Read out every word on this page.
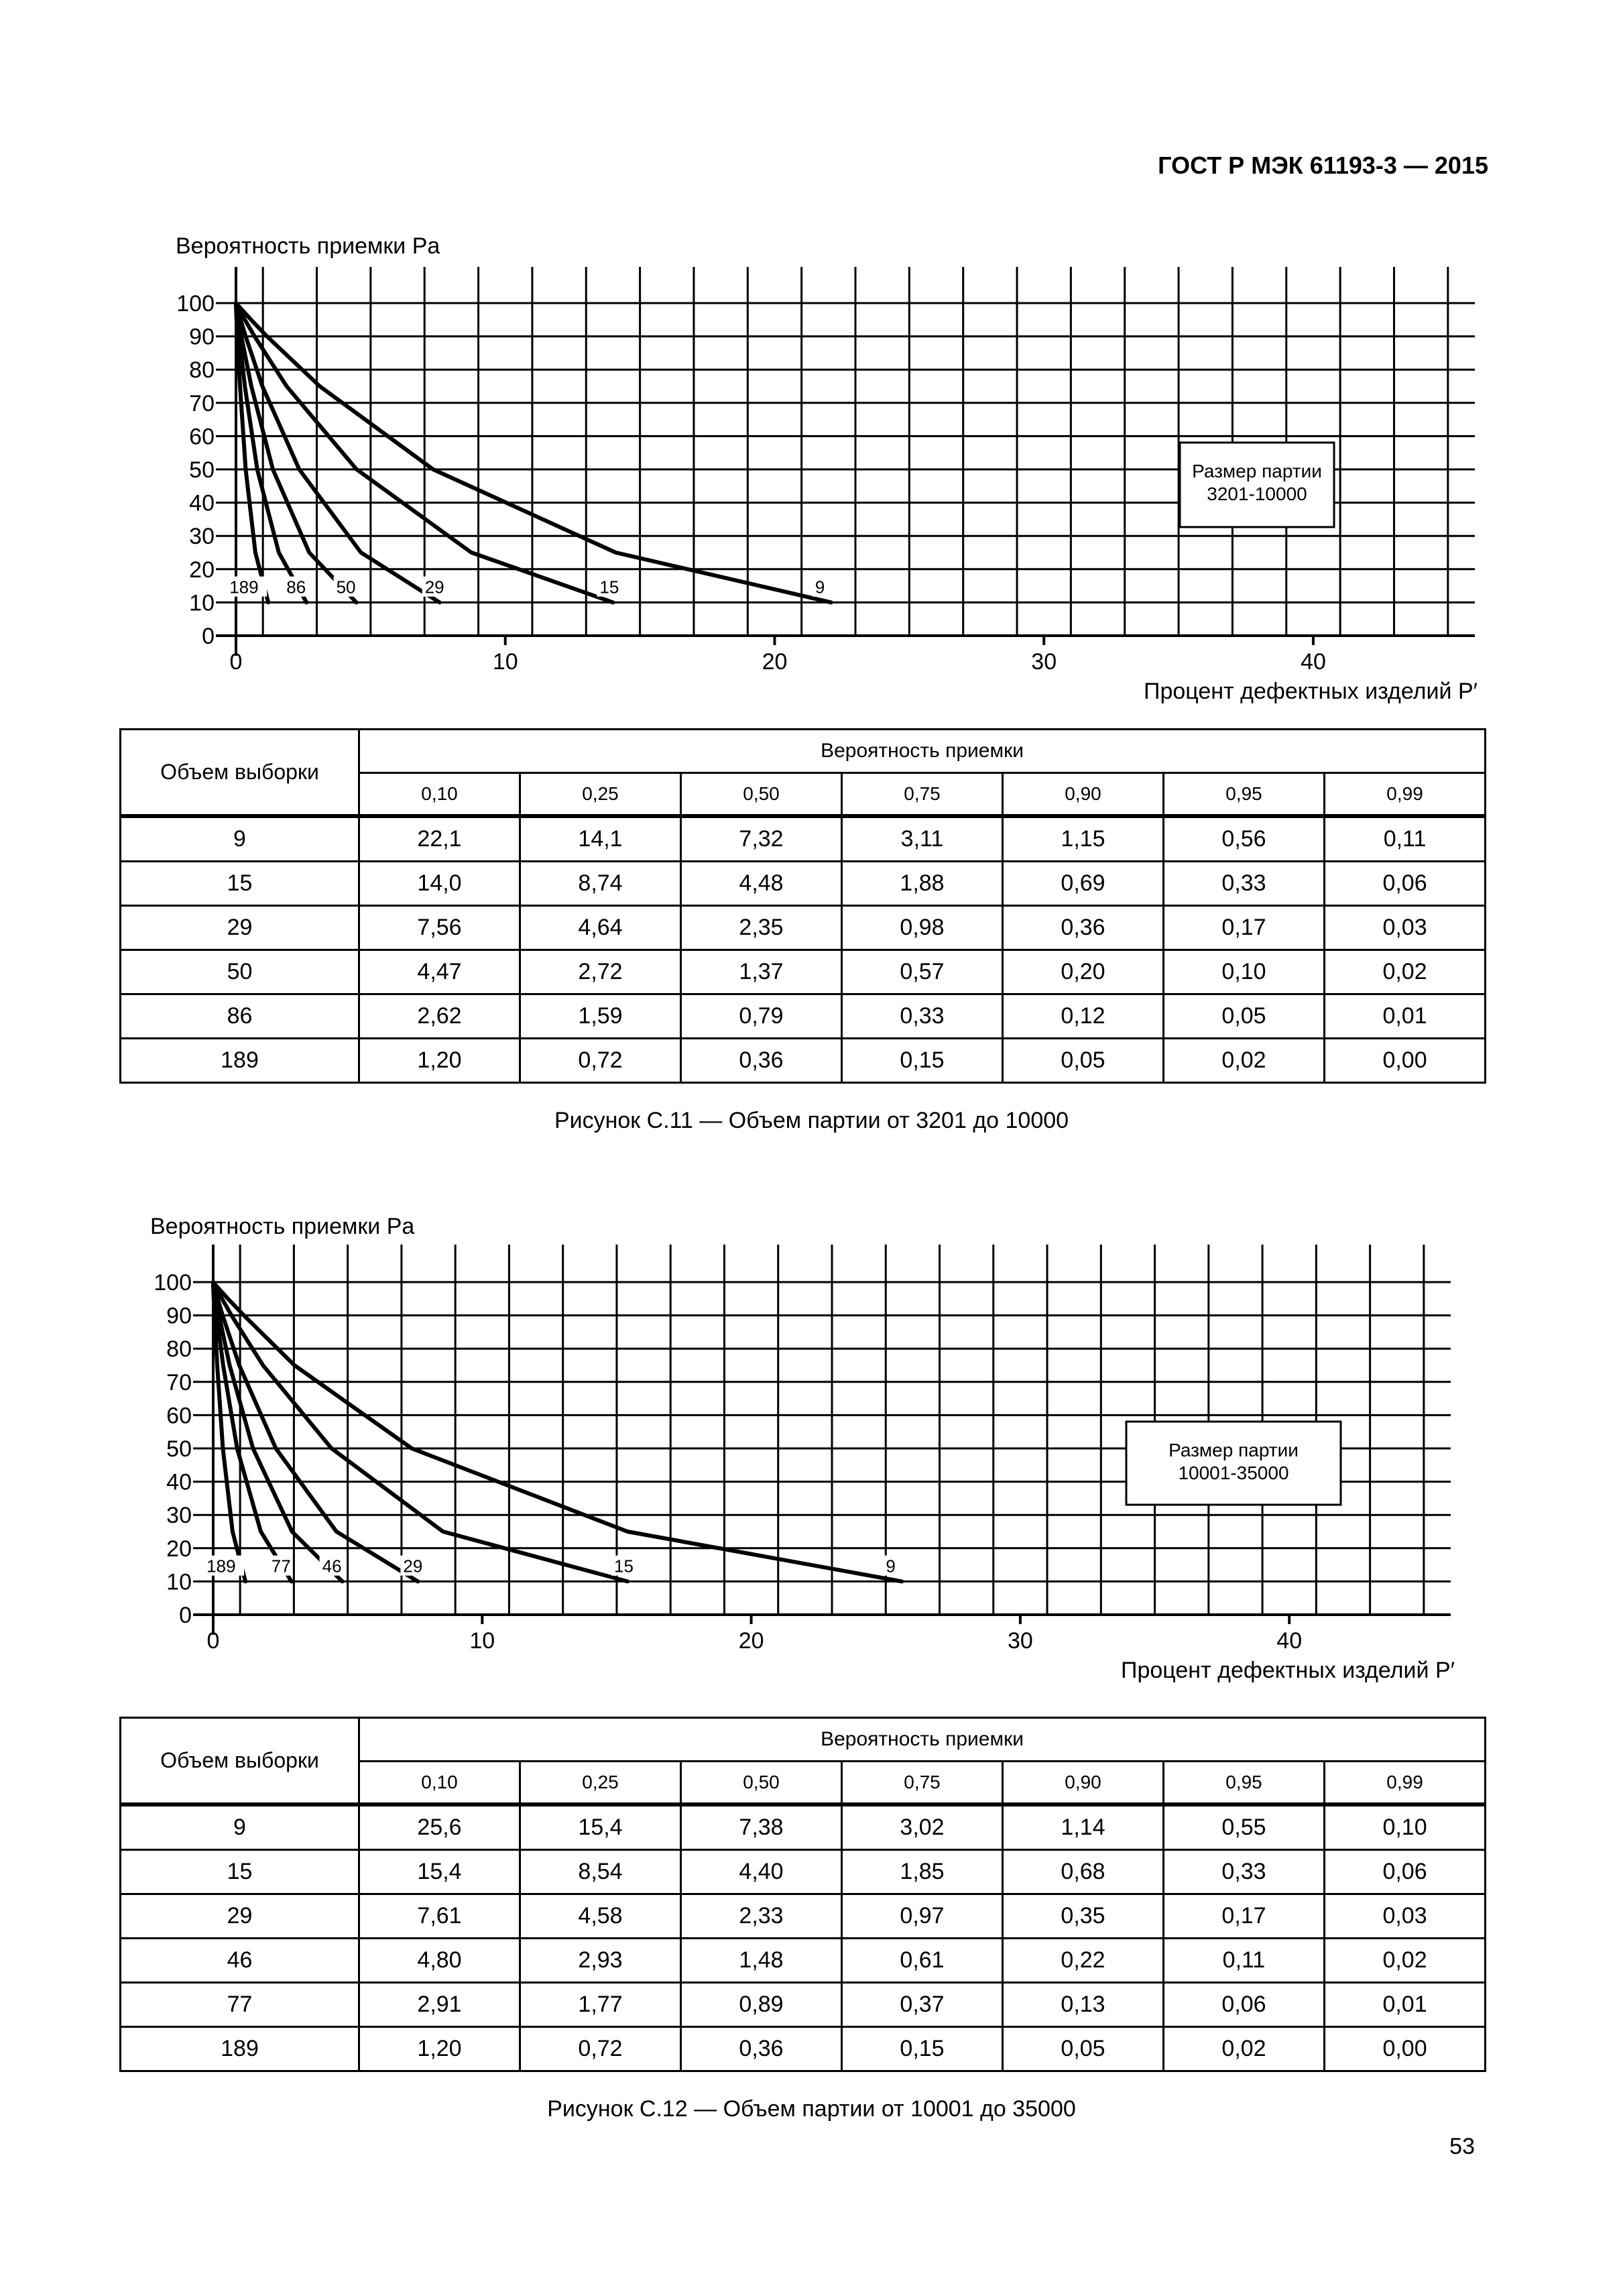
ГОСТ Р МЭК 61193-3 — 2015
Вероятность приемки Pa
0	10	20	30	40
0
10
20
30
40
50
60
70
80
90
100
Размер партии
3201-10000
9
15
29
50
86
189
Процент дефектных изделий P′
Объем выборки	Вероятность приемки						
	0,10	0,25	0,50	0,75	0,90	0,95	0,99
9	22,1	14,1	7,32	3,11	1,15	0,56	0,11
15	14,0	8,74	4,48	1,88	0,69	0,33	0,06
29	7,56	4,64	2,35	0,98	0,36	0,17	0,03
50	4,47	2,72	1,37	0,57	0,20	0,10	0,02
86	2,62	1,59	0,79	0,33	0,12	0,05	0,01
189	1,20	0,72	0,36	0,15	0,05	0,02	0,00
Рисунок С.11 — Объем партии от 3201 до 10000
Вероятность приемки Pa
0	10	20	30	40
0
10
20
30
40
50
60
70
80
90
100
Размер партии
10001-35000
9
15
29
46
77
189
Процент дефектных изделий P′
Объем выборки	Вероятность приемки						
	0,10	0,25	0,50	0,75	0,90	0,95	0,99
9	25,6	15,4	7,38	3,02	1,14	0,55	0,10
15	15,4	8,54	4,40	1,85	0,68	0,33	0,06
29	7,61	4,58	2,33	0,97	0,35	0,17	0,03
46	4,80	2,93	1,48	0,61	0,22	0,11	0,02
77	2,91	1,77	0,89	0,37	0,13	0,06	0,01
189	1,20	0,72	0,36	0,15	0,05	0,02	0,00
Рисунок С.12 — Объем партии от 10001 до 35000
53
